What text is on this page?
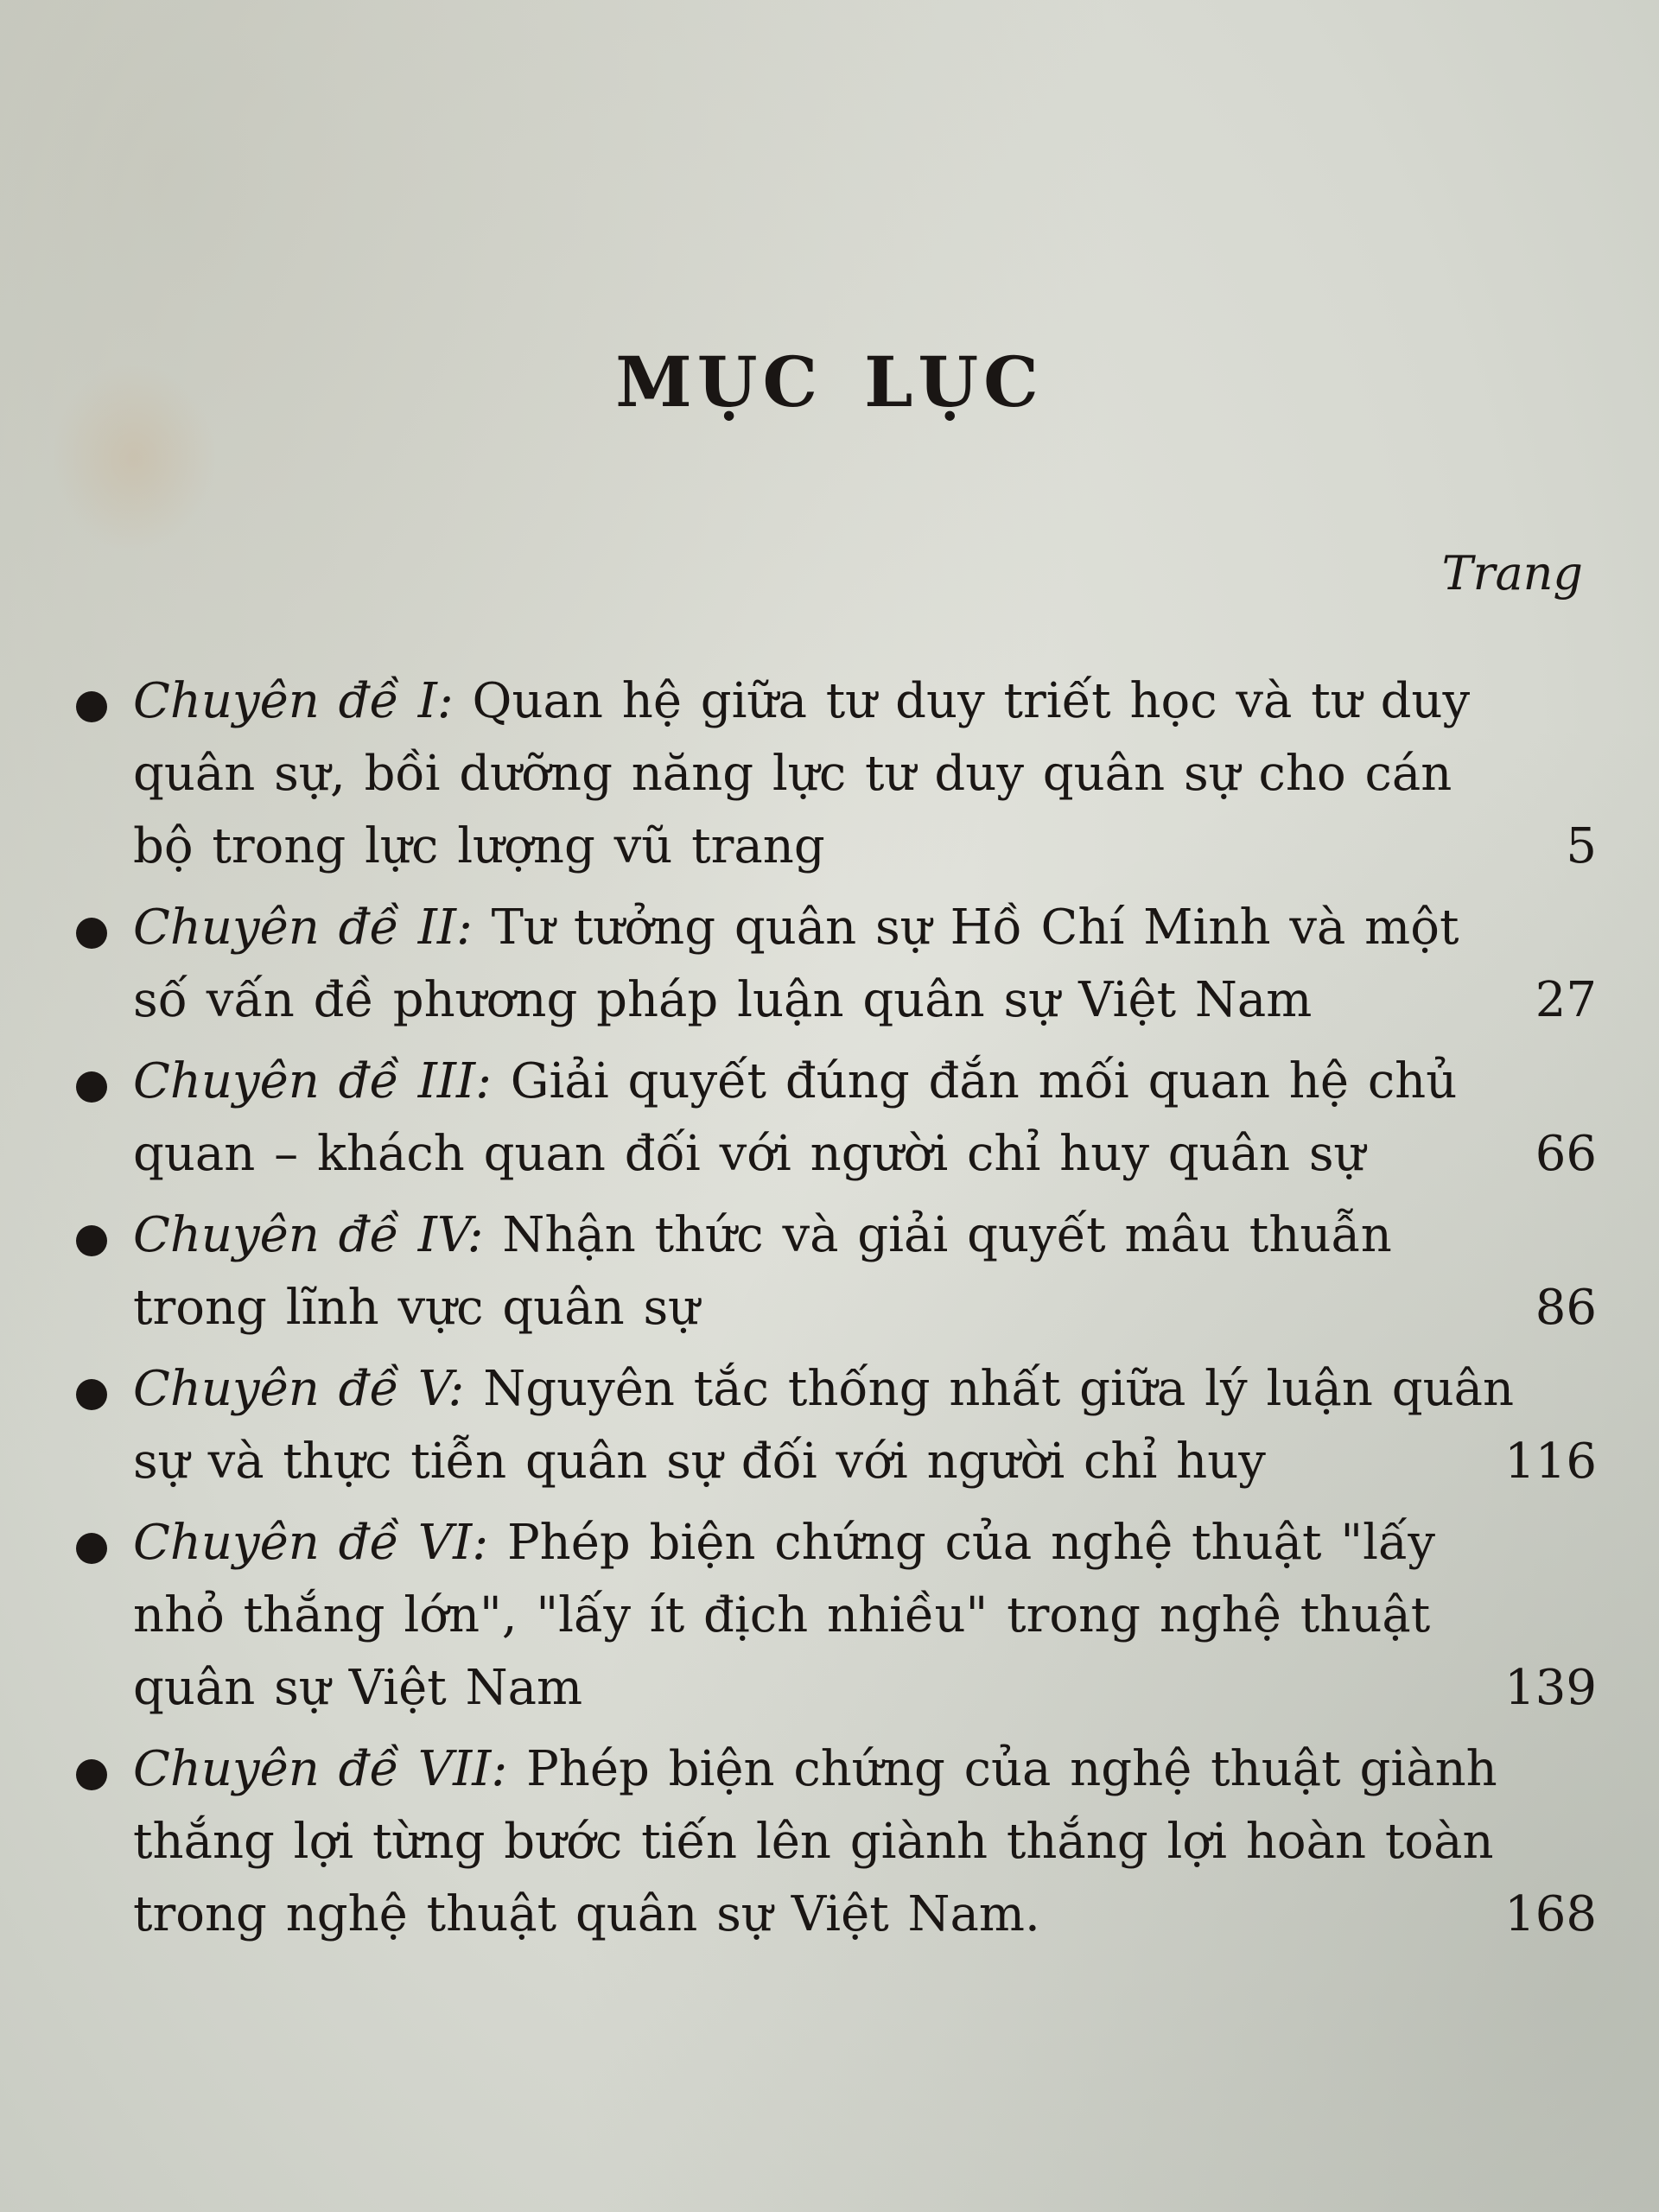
MỤC LỤC
Trang
Chuyên đề I: Quan hệ giữa tư duy triết học và tư duy quân sự, bồi dưỡng năng lực tư duy quân sự cho cán bộ trong lực lượng vũ trang	5
Chuyên đề II: Tư tưởng quân sự Hồ Chí Minh và một số vấn đề phương pháp luận quân sự Việt Nam	27
Chuyên đề III: Giải quyết đúng đắn mối quan hệ chủ quan – khách quan đối với người chỉ huy quân sự	66
Chuyên đề IV: Nhận thức và giải quyết mâu thuẫn trong lĩnh vực quân sự	86
Chuyên đề V: Nguyên tắc thống nhất giữa lý luận quân sự và thực tiễn quân sự đối với người chỉ huy	116
Chuyên đề VI: Phép biện chứng của nghệ thuật "lấy nhỏ thắng lớn", "lấy ít địch nhiều" trong nghệ thuật quân sự Việt Nam	139
Chuyên đề VII: Phép biện chứng của nghệ thuật giành thắng lợi từng bước tiến lên giành thắng lợi hoàn toàn trong nghệ thuật quân sự Việt Nam.	168
